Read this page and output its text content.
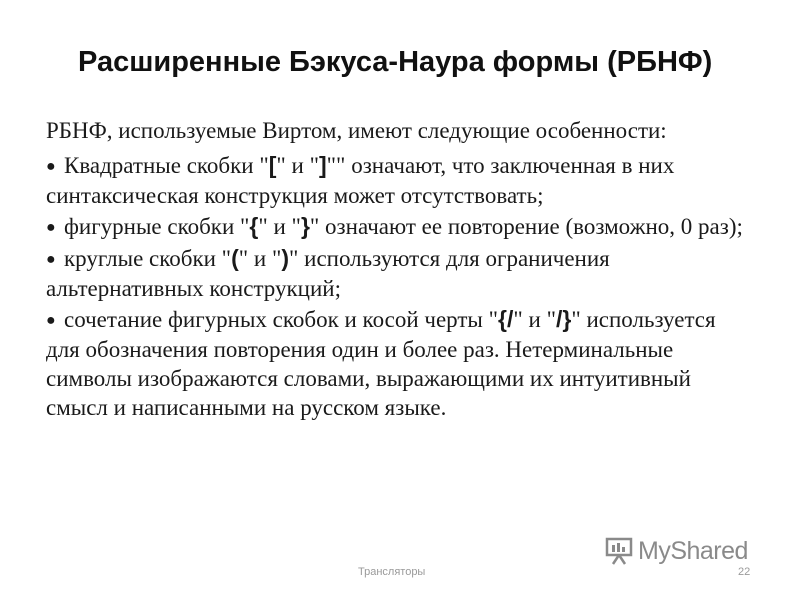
Расширенные Бэкуса-Наура формы (РБНФ)

РБНФ, используемые Виртом, имеют следующие особенности:

● Квадратные скобки "[" и "]"" означают, что заключенная в них синтаксическая конструкция может отсутствовать;

● фигурные скобки "{" и "}" означают ее повторение (возможно, 0 раз);

● круглые скобки "(" и ")" используются для ограничения альтернативных конструкций;

● сочетание фигурных скобок и косой черты "{/" и "/}" используется для обозначения повторения один и более раз. Нетерминальные символы изображаются словами, выражающими их интуитивный смысл и написанными на русском языке.

MyShared
Трансляторы	22
